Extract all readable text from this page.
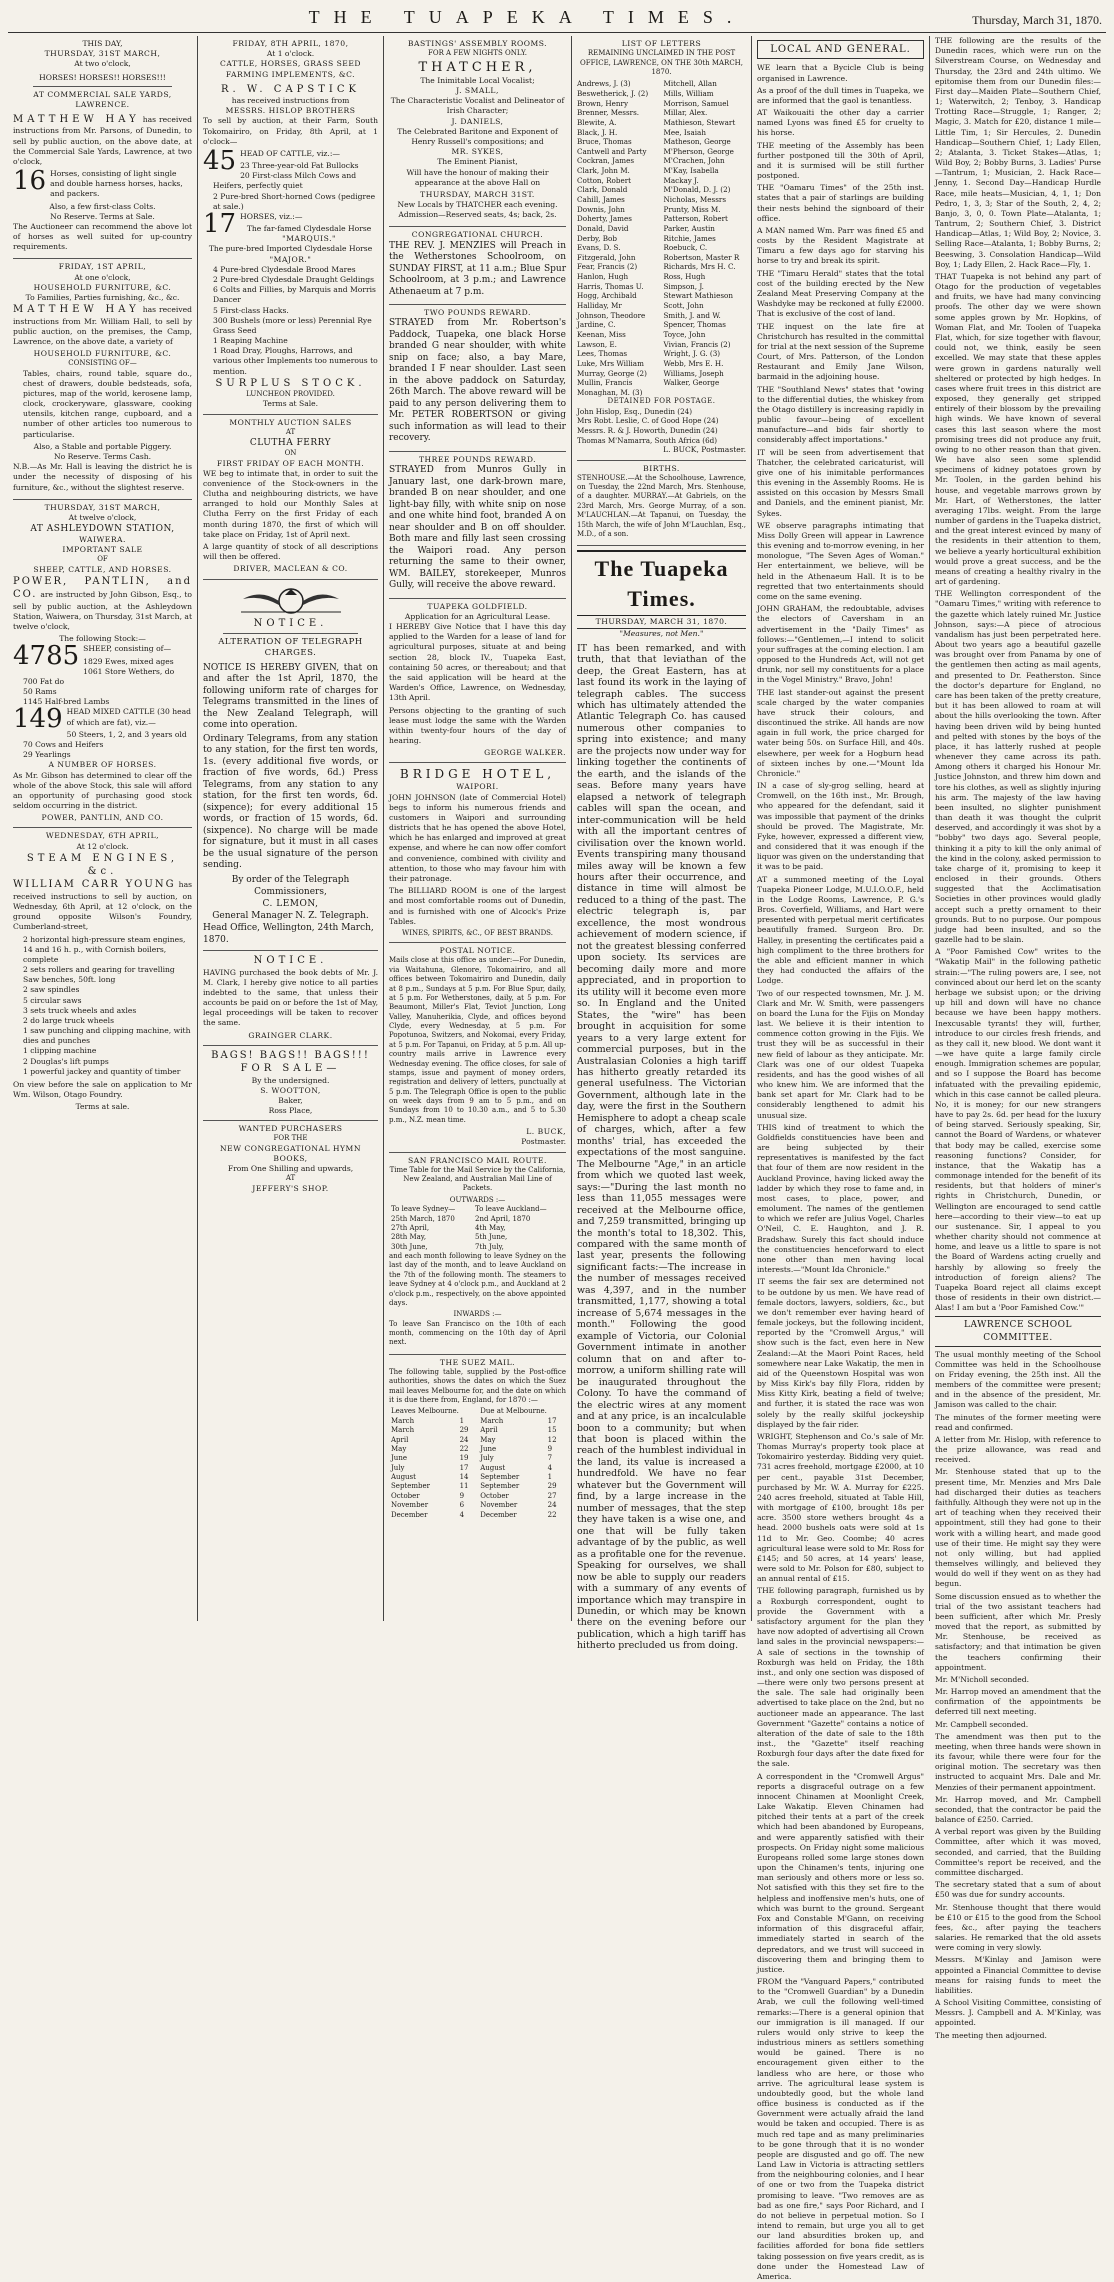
THE TUAPEKA TIMES.	Thursday, March 31, 1870.
THIS DAY,
THURSDAY, 31ST MARCH,
At two o'clock,
HORSES! HORSES!! HORSES!!!
AT COMMERCIAL SALE YARDS, LAWRENCE.

MATTHEW HAY has received instructions from Mr. Parsons, of Dunedin, to sell by public auction, on the above date, at the Commercial Sale Yards, Lawrence, at two o'clock,

16 Horses, consisting of light single and double harness horses, hacks, and packers.

Also, a few first-class Colts.
No Reserve. Terms at Sale.

The Auctioneer can recommend the above lot of horses as well suited for up-country requirements.

FRIDAY, 1ST APRIL,
At one o'clock,
HOUSEHOLD FURNITURE, &C.
To Families, Parties furnishing, &c., &c.

MATTHEW HAY has received instructions from Mr. William Hall, to sell by public auction, on the premises, the Camp, Lawrence, on the above date, a variety of

HOUSEHOLD FURNITURE, &C.
CONSISTING OF—

Tables, chairs, round table, square do., chest of drawers, double bedsteads, sofa, pictures, map of the world, kerosene lamp, clock, crockeryware, glassware, cooking utensils, kitchen range, cupboard, and a number of other articles too numerous to particularise.

Also, a Stable and portable Piggery.
No Reserve. Terms Cash.

N.B.—As Mr. Hall is leaving the district he is under the necessity of disposing of his furniture, &c., without the slightest reserve.

THURSDAY, 31ST MARCH,
At twelve o'clock,
AT ASHLEYDOWN STATION,
WAIWERA.
IMPORTANT SALE
OF
SHEEP, CATTLE, AND HORSES.

POWER, PANTLIN, and CO. are instructed by John Gibson, Esq., to sell by public auction, at the Ashleydown Station, Waiwera, on Thursday, 31st March, at twelve o'clock,

The following Stock:—

4785 SHEEP, consisting of—

1829 Ewes, mixed ages
1061 Store Wethers, do
700 Fat do
50 Rams
1145 Half-bred Lambs

149 HEAD MIXED CATTLE (30 head of which are fat), viz.—

50 Steers, 1, 2, and 3 years old
70 Cows and Heifers
29 Yearlings
A NUMBER OF HORSES.

As Mr. Gibson has determined to clear off the whole of the above Stock, this sale will afford an opportunity of purchasing good stock seldom occurring in the district.

POWER, PANTLIN, AND CO.
WEDNESDAY, 6TH APRIL,
At 12 o'clock.
STEAM ENGINES, &c.

WILLIAM CARR YOUNG has received instructions to sell by auction, on Wednesday, 6th April, at 12 o'clock, on the ground opposite Wilson's Foundry, Cumberland-street,

2 horizontal high-pressure steam engines, 14 and 16 h. p., with Cornish boilers, complete
2 sets rollers and gearing for travelling
Saw benches, 50ft. long
2 saw spindles
5 circular saws
3 sets truck wheels and axles
2 do large truck wheels
1 saw punching and clipping machine, with dies and punches
1 clipping machine
2 Douglas's lift pumps
1 powerful jackey and quantity of timber

On view before the sale on application to Mr Wm. Wilson, Otago Foundry.

Terms at sale.
FRIDAY, 8TH APRIL, 1870,
At 1 o'clock.
CATTLE, HORSES, GRASS SEED
FARMING IMPLEMENTS, &C.
R. W. CAPSTICK
has received instructions from
MESSRS. HISLOP BROTHERS

To sell by auction, at their Farm, South Tokomairiro, on Friday, 8th April, at 1 o'clock—

45 HEAD OF CATTLE, viz.:—

23 Three-year-old Fat Bullocks
20 First-class Milch Cows and Heifers, perfectly quiet
2 Pure-bred Short-horned Cows (pedigree at sale.)

17 HORSES, viz.:—

The far-famed Clydesdale Horse
"MARQUIS."
The pure-bred Imported Clydesdale Horse
"MAJOR."
4 Pure-bred Clydesdale Brood Mares
2 Pure-bred Clydesdale Draught Geldings
6 Colts and Fillies, by Marquis and Morris Dancer
5 First-class Hacks.
300 Bushels (more or less) Perennial Rye Grass Seed
1 Reaping Machine
1 Road Dray, Ploughs, Harrows, and various other Implements too numerous to mention.
SURPLUS STOCK.
LUNCHEON PROVIDED.
Terms at Sale.
MONTHLY AUCTION SALES
AT
CLUTHA FERRY
ON
FIRST FRIDAY OF EACH MONTH.

WE beg to intimate that, in order to suit the convenience of the Stock-owners in the Clutha and neighbouring districts, we have arranged to hold our Monthly Sales at Clutha Ferry on the first Friday of each month during 1870, the first of which will take place on Friday, 1st of April next.

A large quantity of stock of all descriptions will then be offered.

DRIVER, MACLEAN & CO.
NOTICE.
ALTERATION OF TELEGRAPH CHARGES.

NOTICE IS HEREBY GIVEN, that on and after the 1st April, 1870, the following uniform rate of charges for Telegrams transmitted in the lines of the New Zealand Telegraph, will come into operation.

Ordinary Telegrams, from any station to any station, for the first ten words, 1s. (every additional five words, or fraction of five words, 6d.) Press Telegrams, from any station to any station, for the first ten words, 6d. (sixpence); for every additional 15 words, or fraction of 15 words, 6d. (sixpence). No charge will be made for signature, but it must in all cases be the usual signature of the person sending.

By order of the Telegraph Commissioners,
C. LEMON,
General Manager N. Z. Telegraph.
Head Office, Wellington, 24th March, 1870.
NOTICE.

HAVING purchased the book debts of Mr. J. M. Clark, I hereby give notice to all parties indebted to the same, that unless their accounts be paid on or before the 1st of May, legal proceedings will be taken to recover the same.

GRAINGER CLARK.
BAGS! BAGS!! BAGS!!!
FOR SALE—
By the undersigned.
S. WOOTTON,
Baker,
Ross Place,
WANTED PURCHASERS
FOR THE
NEW CONGREGATIONAL HYMN BOOKS,
From One Shilling and upwards,
AT
JEFFERY'S SHOP.
BASTINGS' ASSEMBLY ROOMS.
FOR A FEW NIGHTS ONLY.
THATCHER,
The Inimitable Local Vocalist;
J. SMALL,
The Characteristic Vocalist and Delineator of Irish Character;
J. DANIELS,
The Celebrated Baritone and Exponent of Henry Russell's compositions; and
MR. SYKES,
The Eminent Pianist,

Will have the honour of making their appearance at the above Hall on

THURSDAY, MARCH 31ST.

New Locals by THATCHER each evening. Admission—Reserved seats, 4s; back, 2s.

CONGREGATIONAL CHURCH.

THE REV. J. MENZIES will Preach in the Wetherstones Schoolroom, on SUNDAY FIRST, at 11 a.m.; Blue Spur Schoolroom, at 3 p.m.; and Lawrence Athenaeum at 7 p.m.

TWO POUNDS REWARD.

STRAYED from Mr. Robertson's Paddock, Tuapeka, one black Horse branded G near shoulder, with white snip on face; also, a bay Mare, branded I F near shoulder. Last seen in the above paddock on Saturday, 26th March. The above reward will be paid to any person delivering them to Mr. PETER ROBERTSON or giving such information as will lead to their recovery.

THREE POUNDS REWARD.

STRAYED from Munros Gully in January last, one dark-brown mare, branded B on near shoulder, and one light-bay filly, with white snip on nose and one white hind foot, branded A on near shoulder and B on off shoulder. Both mare and filly last seen crossing the Waipori road. Any person returning the same to their owner, WM. BAILEY, storekeeper, Munros Gully, will receive the above reward.

TUAPEKA GOLDFIELD.
Application for an Agricultural Lease.

I HEREBY Give Notice that I have this day applied to the Warden for a lease of land for agricultural purposes, situate at and being section 28, block IV., Tuapeka East, containing 50 acres, or thereabout; and that the said application will be heard at the Warden's Office, Lawrence, on Wednesday, 13th April.

Persons objecting to the granting of such lease must lodge the same with the Warden within twenty-four hours of the day of hearing.

GEORGE WALKER.
BRIDGE HOTEL,
WAIPORI.

JOHN JOHNSON (late of Commercial Hotel) begs to inform his numerous friends and customers in Waipori and surrounding districts that he has opened the above Hotel, which he has enlarged and improved at great expense, and where he can now offer comfort and convenience, combined with civility and attention, to those who may favour him with their patronage.

The BILLIARD ROOM is one of the largest and most comfortable rooms out of Dunedin, and is furnished with one of Alcock's Prize Tables.

WINES, SPIRITS, &C., OF BEST BRANDS.
POSTAL NOTICE.

Mails close at this office as under:—For Dunedin, via Waitahuna, Glenore, Tokomairiro, and all offices between Tokomairiro and Dunedin, daily at 8 p.m., Sundays at 5 p.m. For Blue Spur, daily, at 5 p.m. For Wetherstones, daily, at 5 p.m. For Beaumont, Miller's Flat, Teviot Junction, Long Valley, Manuherikia, Clyde, and offices beyond Clyde, every Wednesday, at 5 p.m. For Popotunoa, Switzers, and Nokomai, every Friday, at 5 p.m. For Tapanui, on Friday, at 5 p.m. All up-country mails arrive in Lawrence every Wednesday evening. The office closes, for sale of stamps, issue and payment of money orders, registration and delivery of letters, punctually at 5 p.m. The Telegraph Office is open to the public on week days from 9 am to 5 p.m., and on Sundays from 10 to 10.30 a.m., and 5 to 5.30 p.m., N.Z. mean time.

L. BUCK,
Postmaster.
SAN FRANCISCO MAIL ROUTE.

Time Table for the Mail Service by the California, New Zealand, and Australian Mail Line of Packets.

OUTWARDS :—
To leave Sydney—	To leave Auckland—
25th March, 1870	2nd April, 1870
27th April,	4th May,
28th May,	5th June,
30th June,	7th July,

and each month following to leave Sydney on the last day of the month, and to leave Auckland on the 7th of the following month. The steamers to leave Sydney at 4 o'clock p.m., and Auckland at 2 o'clock p.m., respectively, on the above appointed days.

INWARDS :—

To leave San Francisco on the 10th of each month, commencing on the 10th day of April next.

THE SUEZ MAIL.

The following table, supplied by the Post-office authorities, shows the dates on which the Suez mail leaves Melbourne for, and the date on which it is due there from, England, for 1870 :—

Leaves Melbourne.		Due at Melbourne.	
March	1	March	17
March	29	April	15
April	24	May	12
May	22	June	9
June	19	July	7
July	17	August	4
August	14	September	1
September	11	September	29
October	9	October	27
November	6	November	24
December	4	December	22
LIST OF LETTERS

REMAINING UNCLAIMED IN THE POST OFFICE, LAWRENCE, ON THE 30th MARCH, 1870.

Andrews, J. (3)
Beswetherick, J. (2)
Brown, Henry
Brenner, Messrs.
Blewite, A.
Black, J. H.
Bruce, Thomas
Cantwell and Party
Cockran, James
Clark, John M.
Cotton, Robert
Clark, Donald
Cahill, James
Downis, John
Doherty, James
Donald, David
Derby, Bob
Evans, D. S.
Fitzgerald, John
Fear, Francis (2)
Hanlon, Hugh
Harris, Thomas U.
Hogg, Archibald
Halliday, Mr
Johnson, Theodore
Jardine, C.
Keenan, Miss
Lawson, E.
Lees, Thomas
Luke, Mrs William
Murray, George (2)
Mullin, Francis
Monaghan, M. (3)
Mitchell, Allan
Mills, William
Morrison, Samuel
Millar, Alex.
Mathieson, Stewart
Mee, Isaiah
Matheson, George
M'Pherson, George
M'Crachen, John
M'Kay, Isabella
Mackay J.
M'Donald, D. J. (2)
Nicholas, Messrs
Prunty, Miss M.
Patterson, Robert
Parker, Austin
Ritchie, James
Roebuck, C.
Robertson, Master R
Richards, Mrs H. C.
Ross, Hugh
Simpson, J.
Stewart Mathieson
Scott, John
Smith, J. and W.
Spencer, Thomas
Toyce, John
Vivian, Francis (2)
Wright, J. G. (3)
Webb, Mrs E. H.
Williams, Joseph
Walker, George
DETAINED FOR POSTAGE.
John Hislop, Esq., Dunedin (24)
Mrs Robt. Leslie, C. of Good Hope (24)
Messrs. R. & J. Howorth, Dunedin (24)
Thomas M'Namarra, South Africa (6d)
L. BUCK, Postmaster.
BIRTHS.

STENHOUSE.—At the Schoolhouse, Lawrence, on Tuesday, the 22nd March, Mrs. Stenhouse, of a daughter. MURRAY.—At Gabriels, on the 23rd March, Mrs. George Murray, of a son. M'LAUCHLAN.—At Tapanui, on Tuesday, the 15th March, the wife of John M'Lauchlan, Esq., M.D., of a son.

The Tuapeka Times.
THURSDAY, MARCH 31, 1870.
"Measures, not Men."

IT has been remarked, and with truth, that that leviathan of the deep, the Great Eastern, has at last found its work in the laying of telegraph cables. The success which has ultimately attended the Atlantic Telegraph Co. has caused numerous other companies to spring into existence; and many are the projects now under way for linking together the continents of the earth, and the islands of the seas. Before many years have elapsed a network of telegraph cables will span the ocean, and inter-communication will be held with all the important centres of civilisation over the known world. Events transpiring many thousand miles away will be known a few hours after their occurrence, and distance in time will almost be reduced to a thing of the past. The electric telegraph is, par excellence, the most wondrous achievement of modern science, if not the greatest blessing conferred upon society. Its services are becoming daily more and more appreciated, and in proportion to its utility will it become even more so. In England and the United States, the "wire" has been brought in acquisition for some years to a very large extent for commercial purposes, but in the Australasian Colonies a high tariff has hitherto greatly retarded its general usefulness. The Victorian Government, although late in the day, were the first in the Southern Hemisphere to adopt a cheap scale of charges, which, after a few months' trial, has exceeded the expectations of the most sanguine. The Melbourne "Age," in an article from which we quoted last week, says:—"During the last month no less than 11,055 messages were received at the Melbourne office, and 7,259 transmitted, bringing up the month's total to 18,302. This, compared with the same month of last year, presents the following significant facts:—The increase in the number of messages received was 4,397, and in the number transmitted, 1,177, showing a total increase of 5,674 messages in the month." Following the good example of Victoria, our Colonial Government intimate in another column that on and after to-morrow, a uniform shilling rate will be inaugurated throughout the Colony. To have the command of the electric wires at any moment and at any price, is an incalculable boon to a community; but when that boon is placed within the reach of the humblest individual in the land, its value is increased a hundredfold. We have no fear whatever but the Government will find, by a large increase in the number of messages, that the step they have taken is a wise one, and one that will be fully taken advantage of by the public, as well as a profitable one for the revenue. Speaking for ourselves, we shall now be able to supply our readers with a summary of any events of importance which may transpire in Dunedin, or which may be known there on the evening before our publication, which a high tariff has hitherto precluded us from doing.

LOCAL AND GENERAL.

WE learn that a Bycicle Club is being organised in Lawrence.

As a proof of the dull times in Tuapeka, we are informed that the gaol is tenantless.

AT Waikouaiti the other day a carrier named Lyons was fined £5 for cruelty to his horse.

THE meeting of the Assembly has been further postponed till the 30th of April, and it is surmised will be still further postponed.

THE "Oamaru Times" of the 25th inst. states that a pair of starlings are building their nests behind the signboard of their office.

A MAN named Wm. Parr was fined £5 and costs by the Resident Magistrate at Timaru a few days ago for starving his horse to try and break its spirit.

THE "Timaru Herald" states that the total cost of the building erected by the New Zealand Meat Preserving Company at the Washdyke may be reckoned at fully £2000. That is exclusive of the cost of land.

THE inquest on the late fire at Christchurch has resulted in the committal for trial at the next session of the Supreme Court, of Mrs. Patterson, of the London Restaurant and Emily Jane Wilson, barmaid in the adjoining house.

THE "Southland News" states that "owing to the differential duties, the whiskey from the Otago distillery is increasing rapidly in public favour—being of excellent manufacture—and bids fair shortly to considerably affect importations."

IT will be seen from advertisement that Thatcher, the celebrated caricaturist, will give one of his inimitable performances this evening in the Assembly Rooms. He is assisted on this occasion by Messrs Small and Daniels, and the eminent pianist, Mr. Sykes.

WE observe paragraphs intimating that Miss Dolly Green will appear in Lawrence this evening and to-morrow evening, in her monologue, "The Seven Ages of Woman." Her entertainment, we believe, will be held in the Athenaeum Hall. It is to be regretted that two entertainments should come on the same evening.

JOHN GRAHAM, the redoubtable, advises the electors of Caversham in an advertisement in the "Daily Times" as follows:—"Gentlemen,—I intend to solicit your suffrages at the coming election. I am opposed to the Hundreds Act, will not get drunk, nor sell my constituents for a place in the Vogel Ministry." Bravo, John!

THE last stander-out against the present scale charged by the water companies have struck their colours, and discontinued the strike. All hands are now again in full work, the price charged for water being 50s. on Surface Hill, and 40s. elsewhere, per week for a Hogburn head of sixteen inches by one.—"Mount Ida Chronicle."

IN a case of sly-grog selling, heard at Cromwell, on the 16th inst., Mr. Brough, who appeared for the defendant, said it was impossible that payment of the drinks should be proved. The Magistrate, Mr. Fyke, however, expressed a different view, and considered that it was enough if the liquor was given on the understanding that it was to be paid.

AT a summoned meeting of the Loyal Tuapeka Pioneer Lodge, M.U.I.O.O.F., held in the Lodge Rooms, Lawrence, P. G.'s Bros. Coverfield, Williams, and Hart were presented with perpetual merit certificates beautifully framed. Surgeon Bro. Dr. Halley, in presenting the certificates paid a high compliment to the three brothers for the able and efficient manner in which they had conducted the affairs of the Lodge.

Two of our respected townsmen, Mr. J. M. Clark and Mr. W. Smith, were passengers on board the Luna for the Fijis on Monday last. We believe it is their intention to commence cotton growing in the Fijis. We trust they will be as successful in their new field of labour as they anticipate. Mr. Clark was one of our oldest Tuapeka residents, and has the good wishes of all who knew him. We are informed that the bank set apart for Mr. Clark had to be considerably lengthened to admit his unusual size.

THIS kind of treatment to which the Goldfields constituencies have been and are being subjected by their representatives is manifested by the fact that four of them are now resident in the Auckland Province, having licked away the ladder by which they rose to fame and, in most cases, to place, power, and emolument. The names of the gentlemen to which we refer are Julius Vogel, Charles O'Neil, C. E. Haughton, and J. R. Bradshaw. Surely this fact should induce the constituencies henceforward to elect none other than men having local interests.—"Mount Ida Chronicle."

IT seems the fair sex are determined not to be outdone by us men. We have read of female doctors, lawyers, soldiers, &c., but we don't remember ever having heard of female jockeys, but the following incident, reported by the "Cromwell Argus," will show such is the fact, even here in New Zealand:—At the Maori Point Races, held somewhere near Lake Wakatip, the men in aid of the Queenstown Hospital was won by Miss Kirk's bay filly Flora, ridden by Miss Kitty Kirk, beating a field of twelve; and further, it is stated the race was won solely by the really skilful jockeyship displayed by the fair rider.

WRIGHT, Stephenson and Co.'s sale of Mr. Thomas Murray's property took place at Tokomairiro yesterday. Bidding very quiet. 731 acres freehold, mortgage £2000, at 10 per cent., payable 31st December, purchased by Mr. W. A. Murray for £225. 240 acres freehold, situated at Table Hill, with mortgage of £100, brought 18s per acre. 3500 store wethers brought 4s a head. 2000 bushels oats were sold at 1s 11d to Mr. Geo. Coombe; 40 acres agricultural lease were sold to Mr. Ross for £145; and 50 acres, at 14 years' lease, were sold to Mr. Polson for £80, subject to an annual rental of £15.

THE following paragraph, furnished us by a Roxburgh correspondent, ought to provide the Government with a satisfactory argument for the plan they have now adopted of advertising all Crown land sales in the provincial newspapers:—A sale of sections in the township of Roxburgh was held on Friday, the 18th inst., and only one section was disposed of—there were only two persons present at the sale. The sale had originally been advertised to take place on the 2nd, but no auctioneer made an appearance. The last Government "Gazette" contains a notice of alteration of the date of sale to the 18th inst., the "Gazette" itself reaching Roxburgh four days after the date fixed for the sale.

A correspondent in the "Cromwell Argus" reports a disgraceful outrage on a few innocent Chinamen at Moonlight Creek, Lake Wakatip. Eleven Chinamen had pitched their tents at a part of the creek which had been abandoned by Europeans, and were apparently satisfied with their prospects. On Friday night some malicious Europeans rolled some large stones down upon the Chinamen's tents, injuring one man seriously and others more or less so. Not satisfied with this they set fire to the helpless and inoffensive men's huts, one of which was burnt to the ground. Sergeant Fox and Constable M'Gann, on receiving information of this disgraceful affair, immediately started in search of the depredators, and we trust will succeed in discovering them and bringing them to justice.

FROM the "Vanguard Papers," contributed to the "Cromwell Guardian" by a Dunedin Arab, we cull the following well-timed remarks:—There is a general opinion that our immigration is ill managed. If our rulers would only strive to keep the industrious miners as settlers something would be gained. There is no encouragement given either to the landless who are here, or those who arrive. The agricultural lease system is undoubtedly good, but the whole land office business is conducted as if the Government were actually afraid the land would be taken and occupied. There is as much red tape and as many preliminaries to be gone through that it is no wonder people are disgusted and go off. The new Land Law in Victoria is attracting settlers from the neighbouring colonies, and I hear of one or two from the Tuapeka district promising to leave. "Two removes are as bad as one fire," says Poor Richard, and I do not believe in perpetual motion. So I intend to remain, but urge you all to get our land absurdities broken up, and facilities afforded for bona fide settlers taking possession on five years credit, as is done under the Homestead Law of America.

THE following are the results of the Dunedin races, which were run on the Silverstream Course, on Wednesday and Thursday, the 23rd and 24th ultimo. We epitomise them from our Dunedin files:—First day—Maiden Plate—Southern Chief, 1; Waterwitch, 2; Tenboy, 3. Handicap Trotting Race—Struggle, 1; Ranger, 2; Magic, 3. Match for £20, distance 1 mile—Little Tim, 1; Sir Hercules, 2. Dunedin Handicap—Southern Chief, 1; Lady Ellen, 2; Atalanta, 3. Ticket Stakes—Atlas, 1; Wild Boy, 2; Bobby Burns, 3. Ladies' Purse—Tantrum, 1; Musician, 2. Hack Race—Jenny, 1. Second Day—Handicap Hurdle Race, mile heats—Musician, 4, 1, 1; Don Pedro, 1, 3, 3; Star of the South, 2, 4, 2; Banjo, 3, 0, 0. Town Plate—Atalanta, 1; Tantrum, 2; Southern Chief, 3. District Handicap—Atlas, 1; Wild Boy, 2; Novice, 3. Selling Race—Atalanta, 1; Bobby Burns, 2; Beeswing, 3. Consolation Handicap—Wild Boy, 1; Lady Ellen, 2. Hack Race—Fly, 1.

THAT Tuapeka is not behind any part of Otago for the production of vegetables and fruits, we have had many convincing proofs. The other day we were shown some apples grown by Mr. Hopkins, of Woman Flat, and Mr. Toolen of Tuapeka Flat, which, for size together with flavour, could not, we think, easily be seen excelled. We may state that these apples were grown in gardens naturally well sheltered or protected by high hedges. In cases where fruit trees in this district are exposed, they generally get stripped entirely of their blossom by the prevailing high winds. We have known of several cases this last season where the most promising trees did not produce any fruit, owing to no other reason than that given. We have also seen some splendid specimens of kidney potatoes grown by Mr. Toolen, in the garden behind his house, and vegetable marrows grown by Mr. Hart, of Wetherstones, the latter averaging 17lbs. weight. From the large number of gardens in the Tuapeka district, and the great interest evinced by many of the residents in their attention to them, we believe a yearly horticultural exhibition would prove a great success, and be the means of creating a healthy rivalry in the art of gardening.

THE Wellington correspondent of the "Oamaru Times," writing with reference to the gazette which lately ruined Mr. Justice Johnson, says:—A piece of atrocious vandalism has just been perpetrated here. About two years ago a beautiful gazelle was brought over from Panama by one of the gentlemen then acting as mail agents, and presented to Dr. Featherston. Since the doctor's departure for England, no care has been taken of the pretty creature, but it has been allowed to roam at will about the hills overlooking the town. After having been driven wild by being hunted and pelted with stones by the boys of the place, it has latterly rushed at people whenever they came across its path. Among others it charged his Honour Mr. Justice Johnston, and threw him down and tore his clothes, as well as slightly injuring his arm. The majesty of the law having been insulted, no slighter punishment than death it was thought the culprit deserved, and accordingly it was shot by a "bobby" two days ago. Several people, thinking it a pity to kill the only animal of the kind in the colony, asked permission to take charge of it, promising to keep it enclosed in their grounds. Others suggested that the Acclimatisation Societies in other provinces would gladly accept such a pretty ornament to their grounds. But to no purpose. Our pompous judge had been insulted, and so the gazelle had to be slain.

A "Poor Famished Cow" writes to the "Wakatip Mail" in the following pathetic strain:—"The ruling powers are, I see, not convinced about our herd let on the scanty herbage we subsist upon; or the driving up hill and down will have no chance because we have been happy mothers. Inexcusable tyrants! they will, further, introduce to our circles fresh friends, and as they call it, new blood. We dont want it—we have quite a large family circle enough. Immigration schemes are popular, and so I suppose the Board has become infatuated with the prevailing epidemic, which in this case cannot be called pleura. No, it is money; for our new strangers have to pay 2s. 6d. per head for the luxury of being starved. Seriously speaking, Sir, cannot the Board of Wardens, or whatever that body may be called, exercise some reasoning functions? Consider, for instance, that the Wakatip has a commonage intended for the benefit of its residents, but that holders of miner's rights in Christchurch, Dunedin, or Wellington are encouraged to send cattle here—according to their view—to eat up our sustenance. Sir, I appeal to you whether charity should not commence at home, and leave us a little to spare is not the Board of Wardens acting cruelly and harshly by allowing so freely the introduction of foreign aliens? The Tuapeka Board reject all claims except those of residents in their own district.—Alas! I am but a 'Poor Famished Cow.'"

LAWRENCE SCHOOL COMMITTEE.

The usual monthly meeting of the School Committee was held in the Schoolhouse on Friday evening, the 25th inst. All the members of the committee were present; and in the absence of the president, Mr. Jamison was called to the chair.

The minutes of the former meeting were read and confirmed.

A letter from Mr. Hislop, with reference to the prize allowance, was read and received.

Mr. Stenhouse stated that up to the present time, Mr. Menzies and Mrs Dale had discharged their duties as teachers faithfully. Although they were not up in the art of teaching when they received their appointment, still they had gone to their work with a willing heart, and made good use of their time. He might say they were not only willing, but had applied themselves willingly, and believed they would do well if they went on as they had begun.

Some discussion ensued as to whether the trial of the two assistant teachers had been sufficient, after which Mr. Presly moved that the report, as submitted by Mr. Stenhouse, be received as satisfactory; and that intimation be given the teachers confirming their appointment.

Mr. M'Nicholl seconded.

Mr. Harrop moved an amendment that the confirmation of the appointments be deferred till next meeting.

Mr. Campbell seconded.

The amendment was then put to the meeting, when three hands were shown in its favour, while there were four for the original motion. The secretary was then instructed to acquaint Mrs. Dale and Mr. Menzies of their permanent appointment.

Mr. Harrop moved, and Mr. Campbell seconded, that the contractor be paid the balance of £250. Carried.

A verbal report was given by the Building Committee, after which it was moved, seconded, and carried, that the Building Committee's report be received, and the committee discharged.

The secretary stated that a sum of about £50 was due for sundry accounts.

Mr. Stenhouse thought that there would be £10 or £15 to the good from the School fees, &c., after paying the teachers salaries. He remarked that the old assets were coming in very slowly.

Messrs. M'Kinlay and Jamison were appointed a Financial Committee to devise means for raising funds to meet the liabilities.

A School Visiting Committee, consisting of Messrs. J. Campbell and A. M'Kinlay, was appointed.

The meeting then adjourned.
